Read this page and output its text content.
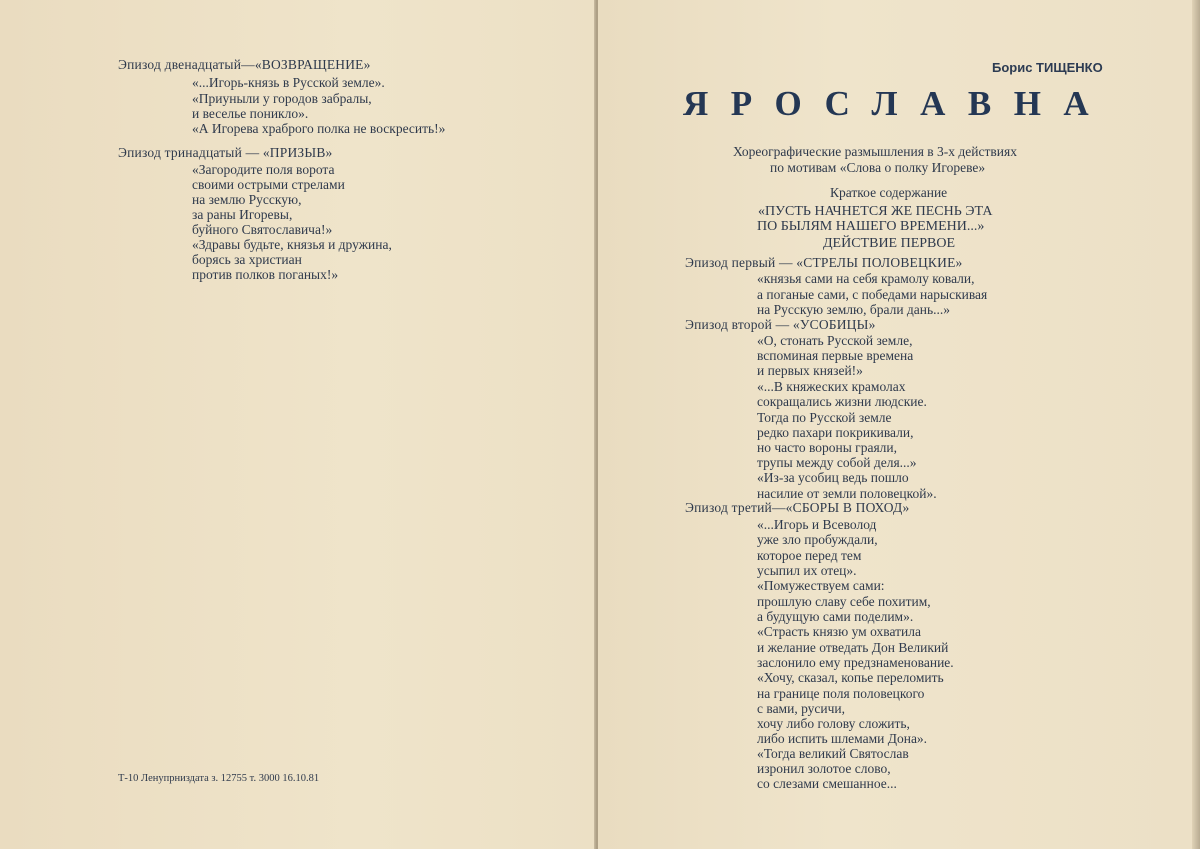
Эпизод двенадцатый—«ВОЗВРАЩЕНИЕ»
«...Игорь-князь в Русской земле».
«Приуныли у городов забралы,
и веселье поникло».
«А Игорева храброго полка не воскресить!»
Эпизод тринадцатый — «ПРИЗЫВ»
«Загородите поля ворота
своими острыми стрелами
на землю Русскую,
за раны Игоревы,
буйного Святославича!»
«Здравы будьте, князья и дружина,
борясь за христиан
против полков поганых!»
Т-10 Ленупрниздата з. 12755 т. 3000 16.10.81
Борис ТИЩЕНКО
ЯРОСЛАВНА
Хореографические размышления в 3-х действиях
по мотивам «Слова о полку Игореве»
Краткое содержание
«ПУСТЬ НАЧНЕТСЯ ЖЕ ПЕСНЬ ЭТА
ПО БЫЛЯМ НАШЕГО ВРЕМЕНИ...»
ДЕЙСТВИЕ ПЕРВОЕ
Эпизод первый — «СТРЕЛЫ ПОЛОВЕЦКИЕ»
«князья сами на себя крамолу ковали,
а поганые сами, с победами нарыскивая
на Русскую землю, брали дань...»
Эпизод второй — «УСОБИЦЫ»
«О, стонать Русской земле,
вспоминая первые времена
и первых князей!»
«...В княжеских крамолах
сокращались жизни людские.
Тогда по Русской земле
редко пахари покрикивали,
но часто вороны граяли,
трупы между собой деля...»
«Из-за усобиц ведь пошло
насилие от земли половецкой».
Эпизод третий—«СБОРЫ В ПОХОД»
«...Игорь и Всеволод
уже зло пробуждали,
которое перед тем
усыпил их отец».
«Помужествуем сами:
прошлую славу себе похитим,
а будущую сами поделим».
«Страсть князю ум охватила
и желание отведать Дон Великий
заслонило ему предзнаменование.
«Хочу, сказал, копье переломить
на границе поля половецкого
с вами, русичи,
хочу либо голову сложить,
либо испить шлемами Дона».
«Тогда великий Святослав
изронил золотое слово,
со слезами смешанное...
